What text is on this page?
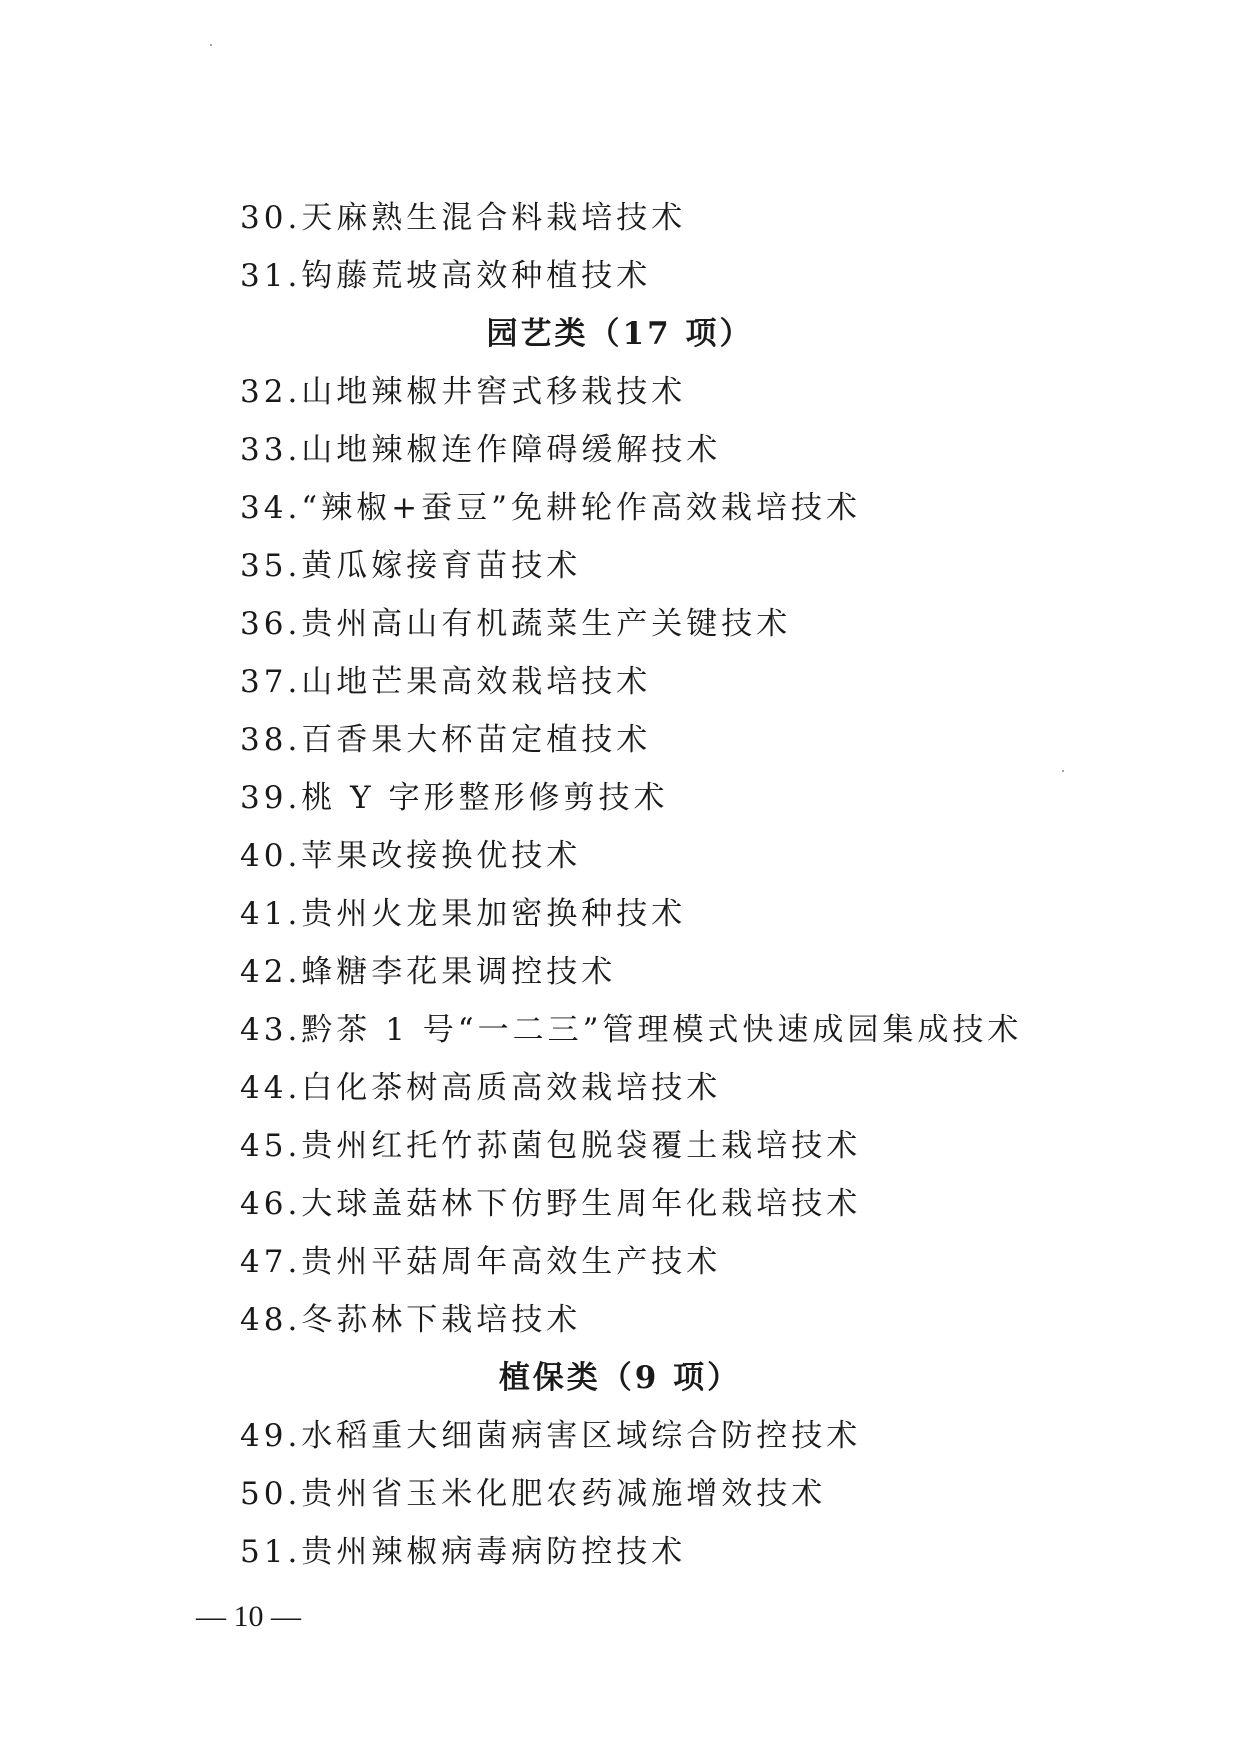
30.天麻熟生混合料栽培技术
31.钩藤荒坡高效种植技术
园艺类（17 项）
32.山地辣椒井窖式移栽技术
33.山地辣椒连作障碍缓解技术
34.“辣椒+蚕豆”免耕轮作高效栽培技术
35.黄瓜嫁接育苗技术
36.贵州高山有机蔬菜生产关键技术
37.山地芒果高效栽培技术
38.百香果大杯苗定植技术
39.桃 Y 字形整形修剪技术
40.苹果改接换优技术
41.贵州火龙果加密换种技术
42.蜂糖李花果调控技术
43.黔茶 1 号“一二三”管理模式快速成园集成技术
44.白化茶树高质高效栽培技术
45.贵州红托竹荪菌包脱袋覆土栽培技术
46.大球盖菇林下仿野生周年化栽培技术
47.贵州平菇周年高效生产技术
48.冬荪林下栽培技术
植保类（9 项）
49.水稻重大细菌病害区域综合防控技术
50.贵州省玉米化肥农药减施增效技术
51.贵州辣椒病毒病防控技术
— 10 —
